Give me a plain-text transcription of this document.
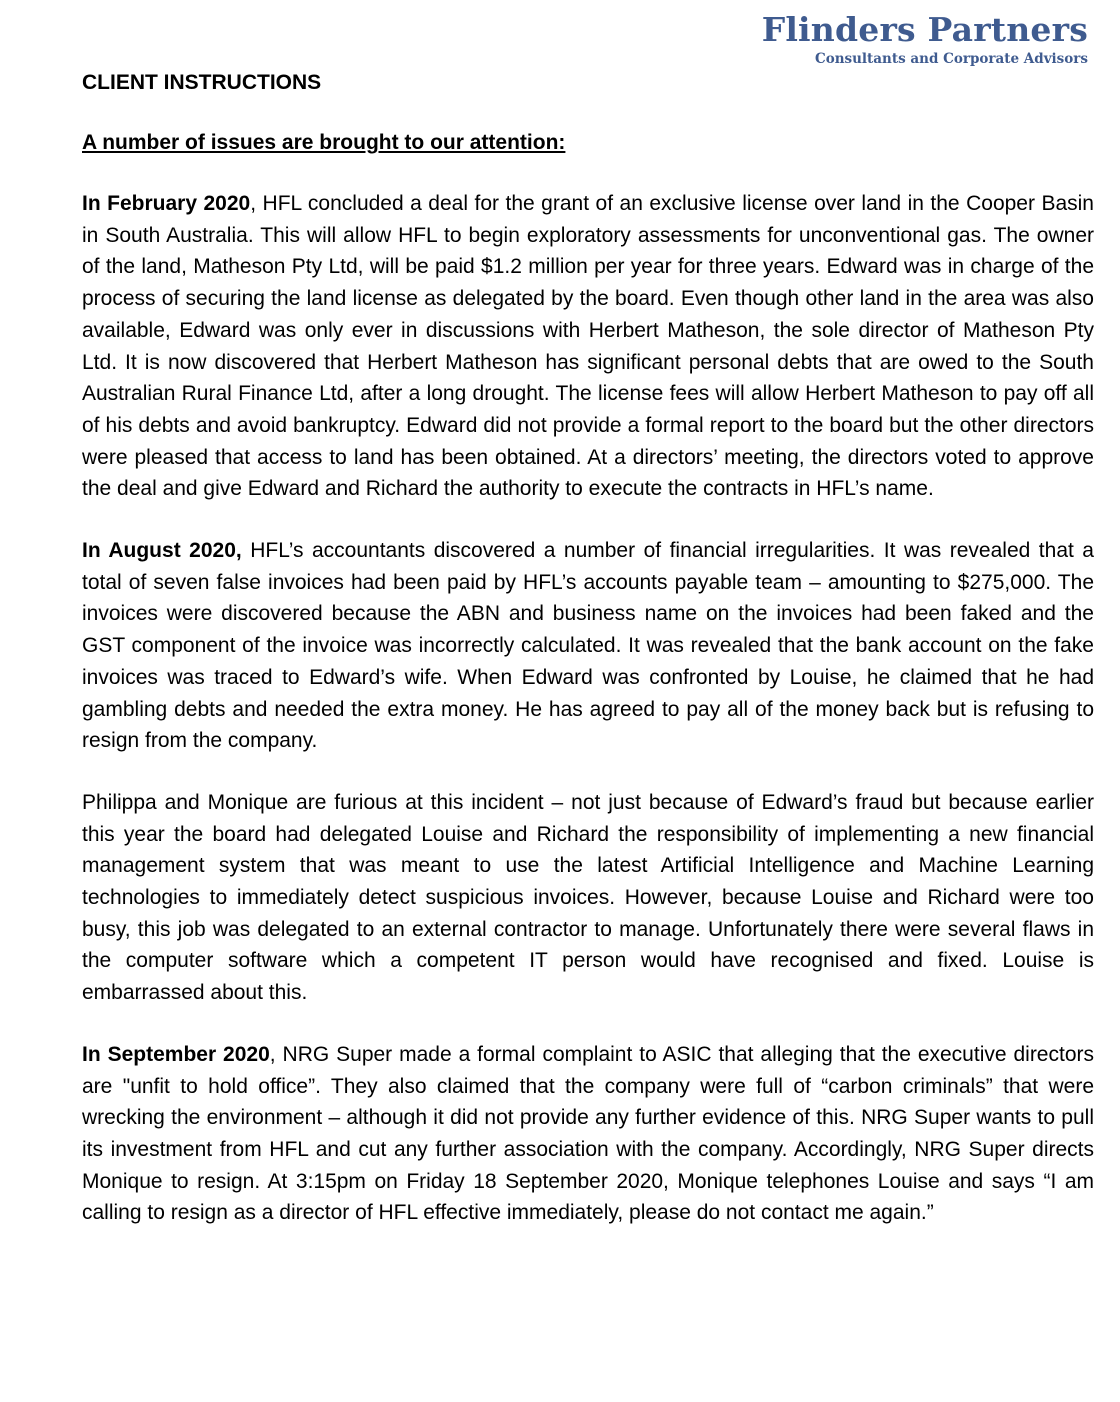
Flinders Partners
Consultants and Corporate Advisors
CLIENT INSTRUCTIONS
A number of issues are brought to our attention:

In February 2020, HFL concluded a deal for the grant of an exclusive license over land in the Cooper Basin in South Australia. This will allow HFL to begin exploratory assessments for unconventional gas. The owner of the land, Matheson Pty Ltd, will be paid $1.2 million per year for three years. Edward was in charge of the process of securing the land license as delegated by the board. Even though other land in the area was also available, Edward was only ever in discussions with Herbert Matheson, the sole director of Matheson Pty Ltd. It is now discovered that Herbert Matheson has significant personal debts that are owed to the South Australian Rural Finance Ltd, after a long drought. The license fees will allow Herbert Matheson to pay off all of his debts and avoid bankruptcy. Edward did not provide a formal report to the board but the other directors were pleased that access to land has been obtained. At a directors’ meeting, the directors voted to approve the deal and give Edward and Richard the authority to execute the contracts in HFL’s name.

In August 2020, HFL’s accountants discovered a number of financial irregularities. It was revealed that a total of seven false invoices had been paid by HFL’s accounts payable team – amounting to $275,000. The invoices were discovered because the ABN and business name on the invoices had been faked and the GST component of the invoice was incorrectly calculated. It was revealed that the bank account on the fake invoices was traced to Edward’s wife. When Edward was confronted by Louise, he claimed that he had gambling debts and needed the extra money. He has agreed to pay all of the money back but is refusing to resign from the company.

Philippa and Monique are furious at this incident – not just because of Edward’s fraud but because earlier this year the board had delegated Louise and Richard the responsibility of implementing a new financial management system that was meant to use the latest Artificial Intelligence and Machine Learning technologies to immediately detect suspicious invoices. However, because Louise and Richard were too busy, this job was delegated to an external contractor to manage. Unfortunately there were several flaws in the computer software which a competent IT person would have recognised and fixed. Louise is embarrassed about this.

In September 2020, NRG Super made a formal complaint to ASIC that alleging that the executive directors are "unfit to hold office”. They also claimed that the company were full of “carbon criminals” that were wrecking the environment – although it did not provide any further evidence of this. NRG Super wants to pull its investment from HFL and cut any further association with the company. Accordingly, NRG Super directs Monique to resign. At 3:15pm on Friday 18 September 2020, Monique telephones Louise and says “I am calling to resign as a director of HFL effective immediately, please do not contact me again.”
